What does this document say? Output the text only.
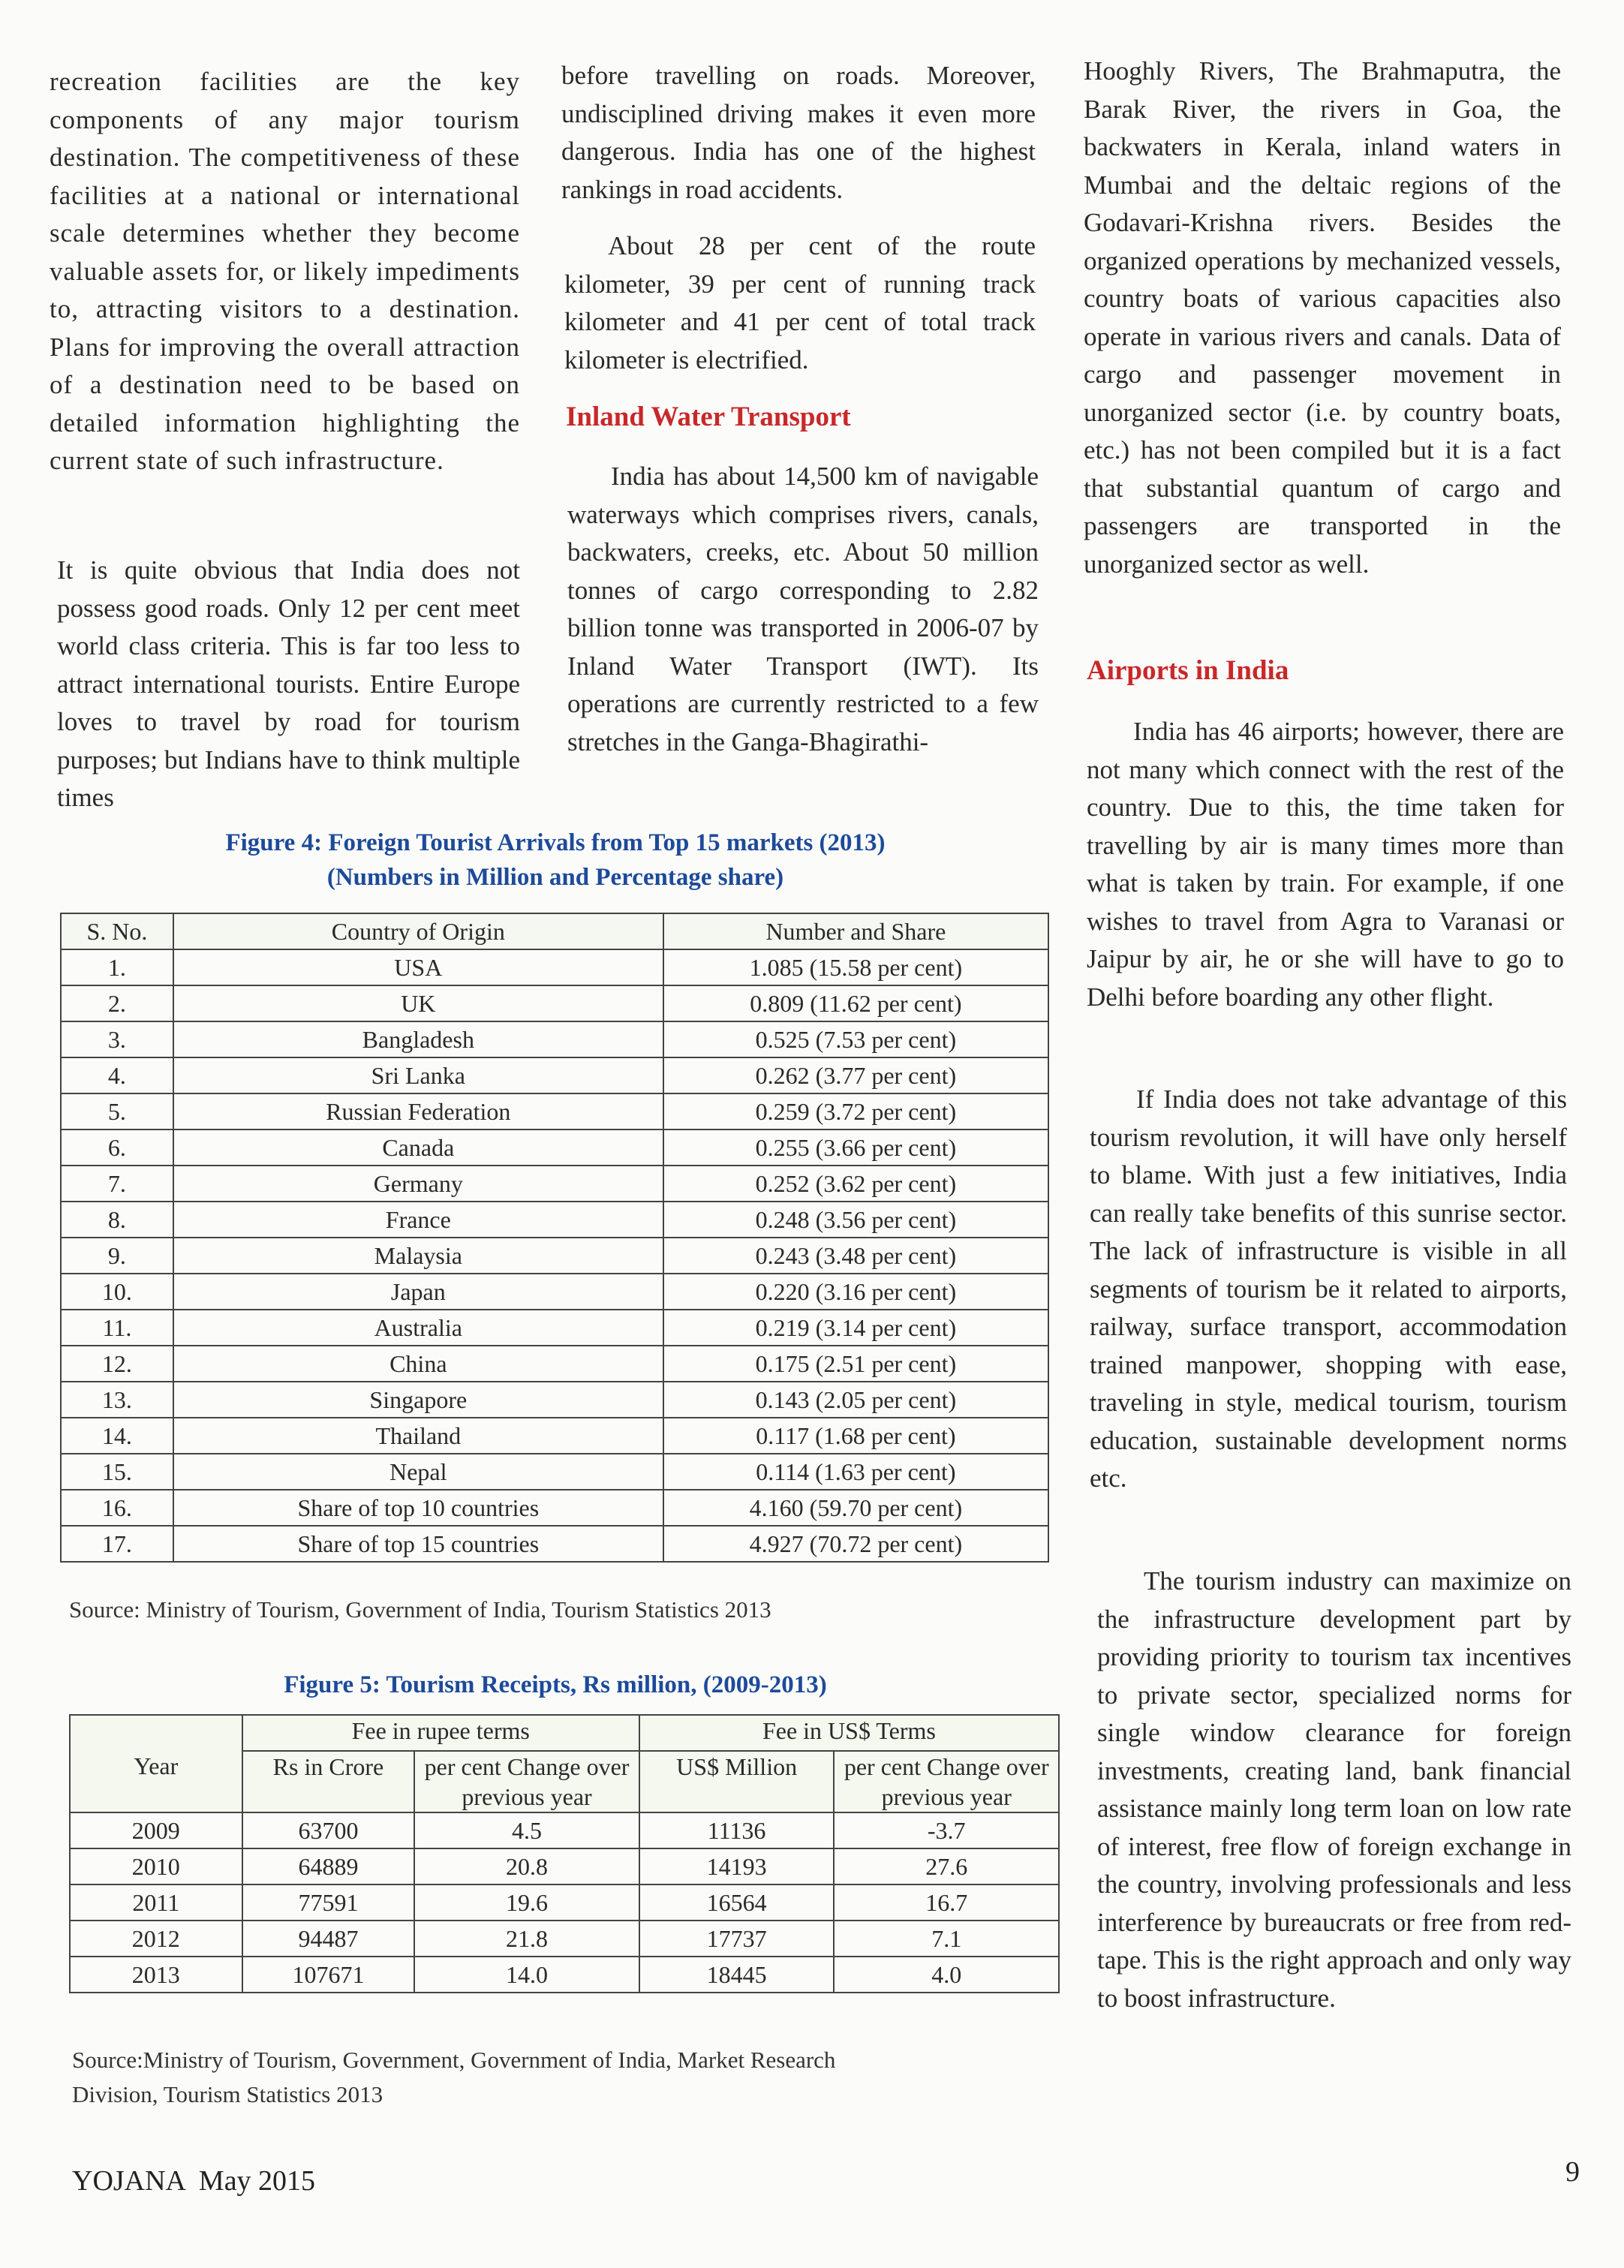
recreation facilities are the key components of any major tourism destination. The competitiveness of these facilities at a national or international scale determines whether they become valuable assets for, or likely impediments to, attracting visitors to a destination. Plans for improving the overall attraction of a destination need to be based on detailed information highlighting the current state of such infrastructure.

It is quite obvious that India does not possess good roads. Only 12 per cent meet world class criteria. This is far too less to attract international tourists. Entire Europe loves to travel by road for tourism purposes; but Indians have to think multiple times

before travelling on roads. Moreover, undisciplined driving makes it even more dangerous. India has one of the highest rankings in road accidents.

About 28 per cent of the route kilometer, 39 per cent of running track kilometer and 41 per cent of total track kilometer is electrified.

Inland Water Transport

India has about 14,500 km of navigable waterways which comprises rivers, canals, backwaters, creeks, etc. About 50 million tonnes of cargo corresponding to 2.82 billion tonne was transported in 2006-07 by Inland Water Transport (IWT). Its operations are currently restricted to a few stretches in the Ganga-Bhagirathi-

Hooghly Rivers, The Brahmaputra, the Barak River, the rivers in Goa, the backwaters in Kerala, inland waters in Mumbai and the deltaic regions of the Godavari-Krishna rivers. Besides the organized operations by mechanized vessels, country boats of various capacities also operate in various rivers and canals. Data of cargo and passenger movement in unorganized sector (i.e. by country boats, etc.) has not been compiled but it is a fact that substantial quantum of cargo and passengers are transported in the unorganized sector as well.

Airports in India

India has 46 airports; however, there are not many which connect with the rest of the country. Due to this, the time taken for travelling by air is many times more than what is taken by train. For example, if one wishes to travel from Agra to Varanasi or Jaipur by air, he or she will have to go to Delhi before boarding any other flight.

If India does not take advantage of this tourism revolution, it will have only herself to blame. With just a few initiatives, India can really take benefits of this sunrise sector. The lack of infrastructure is visible in all segments of tourism be it related to airports, railway, surface transport, accommodation trained manpower, shopping with ease, traveling in style, medical tourism, tourism education, sustainable development norms etc.

The tourism industry can maximize on the infrastructure development part by providing priority to tourism tax incentives to private sector, specialized norms for single window clearance for foreign investments, creating land, bank financial assistance mainly long term loan on low rate of interest, free flow of foreign exchange in the country, involving professionals and less interference by bureaucrats or free from red-tape. This is the right approach and only way to boost infrastructure.

Figure 4: Foreign Tourist Arrivals from Top 15 markets (2013)
(Numbers in Million and Percentage share)

S. No.	Country of Origin	Number and Share
1.	USA	1.085 (15.58 per cent)
2.	UK	0.809 (11.62 per cent)
3.	Bangladesh	0.525 (7.53 per cent)
4.	Sri Lanka	0.262 (3.77 per cent)
5.	Russian Federation	0.259 (3.72 per cent)
6.	Canada	0.255 (3.66 per cent)
7.	Germany	0.252 (3.62 per cent)
8.	France	0.248 (3.56 per cent)
9.	Malaysia	0.243 (3.48 per cent)
10.	Japan	0.220 (3.16 per cent)
11.	Australia	0.219 (3.14 per cent)
12.	China	0.175 (2.51 per cent)
13.	Singapore	0.143 (2.05 per cent)
14.	Thailand	0.117 (1.68 per cent)
15.	Nepal	0.114 (1.63 per cent)
16.	Share of top 10 countries	4.160 (59.70 per cent)
17.	Share of top 15 countries	4.927 (70.72 per cent)

Source: Ministry of Tourism, Government of India, Tourism Statistics 2013

Figure 5: Tourism Receipts, Rs million, (2009-2013)

	Fee in rupee terms		Fee in US$ Terms	
Year	Rs in Crore	per cent Change over previous year	US$ Million	per cent Change over previous year
2009	63700	4.5	11136	-3.7
2010	64889	20.8	14193	27.6
2011	77591	19.6	16564	16.7
2012	94487	21.8	17737	7.1
2013	107671	14.0	18445	4.0

Source:Ministry of Tourism, Government, Government of India, Market Research
Division, Tourism Statistics 2013

YOJANA  May 2015	9
